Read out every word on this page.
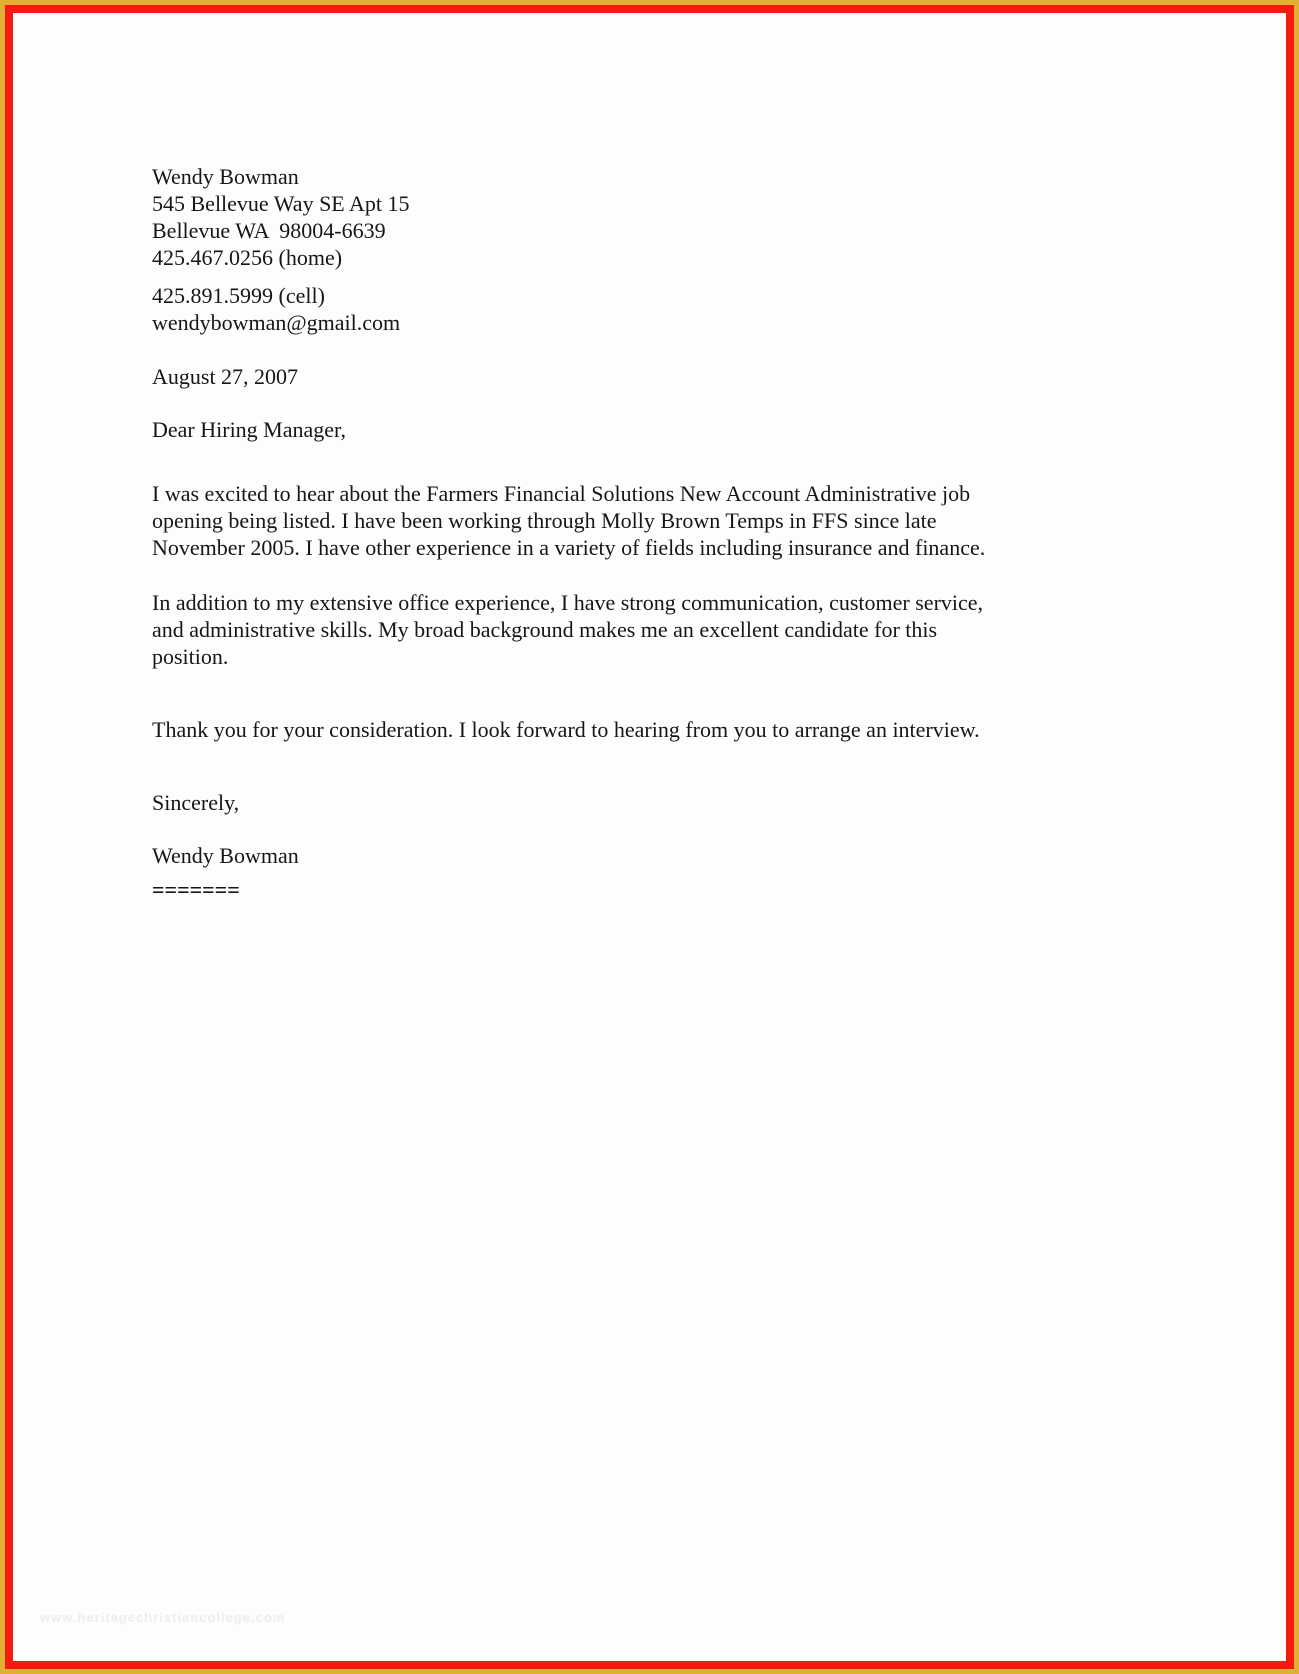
Wendy Bowman
545 Bellevue Way SE Apt 15
Bellevue WA  98004-6639
425.467.0256 (home)
425.891.5999 (cell)
wendybowman@gmail.com
August 27, 2007
Dear Hiring Manager,
I was excited to hear about the Farmers Financial Solutions New Account Administrative job
opening being listed. I have been working through Molly Brown Temps in FFS since late
November 2005. I have other experience in a variety of fields including insurance and finance.
In addition to my extensive office experience, I have strong communication, customer service,
and administrative skills. My broad background makes me an excellent candidate for this
position.
Thank you for your consideration. I look forward to hearing from you to arrange an interview.
Sincerely,
Wendy Bowman
=======
www.heritagechristiancollege.com
